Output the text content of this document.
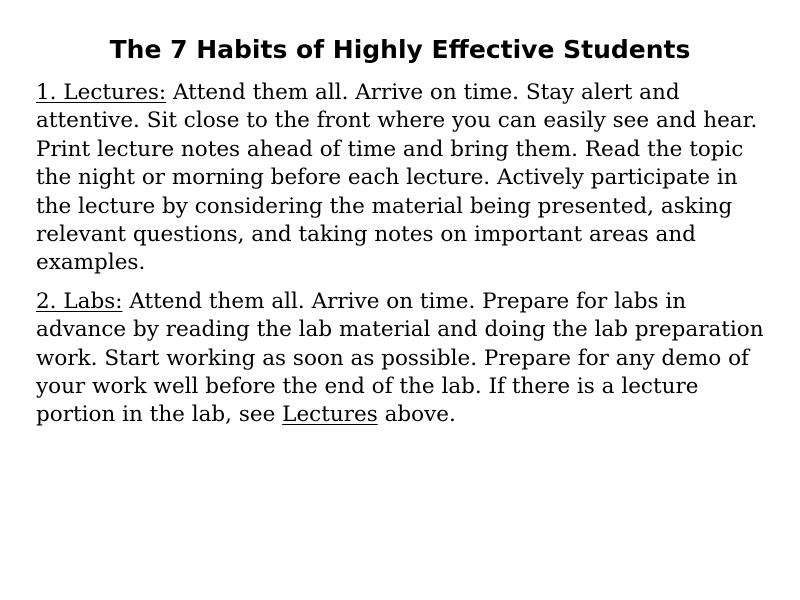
The 7 Habits of Highly Effective Students

1. Lectures: Attend them all. Arrive on time. Stay alert and attentive. Sit close to the front where you can easily see and hear. Print lecture notes ahead of time and bring them. Read the topic the night or morning before each lecture. Actively participate in the lecture by considering the material being presented, asking relevant questions, and taking notes on important areas and examples.

2. Labs: Attend them all. Arrive on time. Prepare for labs in advance by reading the lab material and doing the lab preparation work. Start working as soon as possible. Prepare for any demo of your work well before the end of the lab. If there is a lecture portion in the lab, see Lectures above.
